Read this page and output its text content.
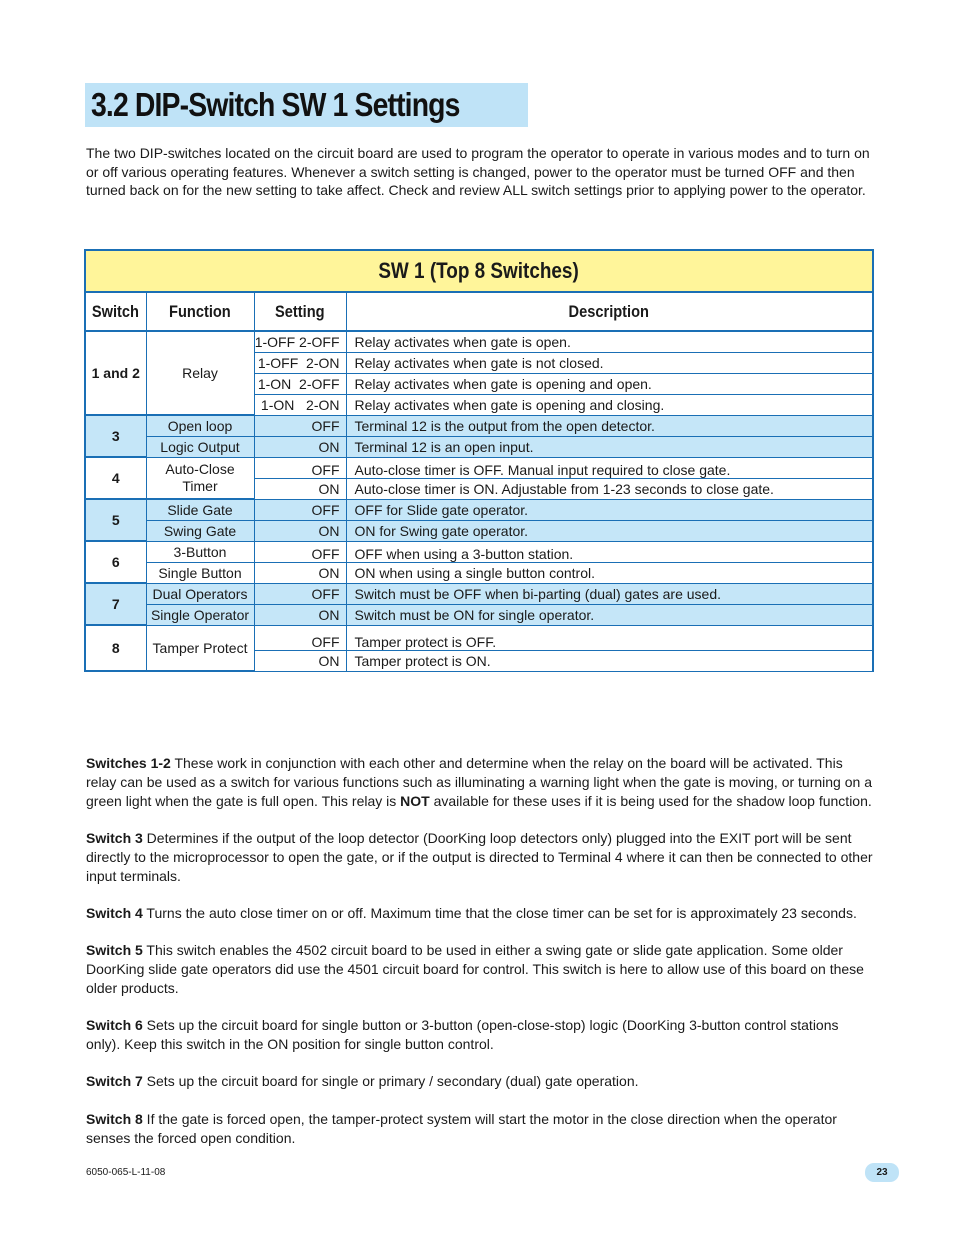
3.2 DIP-Switch SW 1 Settings

The two DIP-switches located on the circuit board are used to program the operator to operate in various modes and to turn on or off various operating features. Whenever a switch setting is changed, power to the operator must be turned OFF and then turned back on for the new setting to take affect. Check and review ALL switch settings prior to applying power to the operator.

SW 1 (Top 8 Switches)			
Switch	Function	Setting	Description
1 and 2	Relay	1-OFF 2-OFF	Relay activates when gate is open.
		1-OFF  2-ON	Relay activates when gate is not closed.
		1-ON  2-OFF	Relay activates when gate is opening and open.
		1-ON   2-ON	Relay activates when gate is opening and closing.
3	Open loop	OFF	Terminal 12 is the output from the open detector.
	Logic Output	ON	Terminal 12 is an open input.
4	Auto-Close Timer	OFF	Auto-close timer is OFF. Manual input required to close gate.
		ON	Auto-close timer is ON. Adjustable from 1-23 seconds to close gate.
5	Slide Gate	OFF	OFF for Slide gate operator.
	Swing Gate	ON	ON for Swing gate operator.
6	3-Button	OFF	OFF when using a 3-button station.
	Single Button	ON	ON when using a single button control.
7	Dual Operators	OFF	Switch must be OFF when bi-parting (dual) gates are used.
	Single Operator	ON	Switch must be ON for single operator.
8	Tamper Protect	OFF	Tamper protect is OFF.
		ON	Tamper protect is ON.

Switches 1-2 These work in conjunction with each other and determine when the relay on the board will be activated. This relay can be used as a switch for various functions such as illuminating a warning light when the gate is moving, or turning on a green light when the gate is full open. This relay is NOT available for these uses if it is being used for the shadow loop function.

Switch 3 Determines if the output of the loop detector (DoorKing loop detectors only) plugged into the EXIT port will be sent directly to the microprocessor to open the gate, or if the output is directed to Terminal 4 where it can then be connected to other input terminals.

Switch 4 Turns the auto close timer on or off. Maximum time that the close timer can be set for is approximately 23 seconds.

Switch 5 This switch enables the 4502 circuit board to be used in either a swing gate or slide gate application. Some older DoorKing slide gate operators did use the 4501 circuit board for control. This switch is here to allow use of this board on these older products.

Switch 6 Sets up the circuit board for single button or 3-button (open-close-stop) logic (DoorKing 3-button control stations only). Keep this switch in the ON position for single button control.

Switch 7 Sets up the circuit board for single or primary / secondary (dual) gate operation.

Switch 8 If the gate is forced open, the tamper-protect system will start the motor in the close direction when the operator senses the forced open condition.

6050-065-L-11-08	23
